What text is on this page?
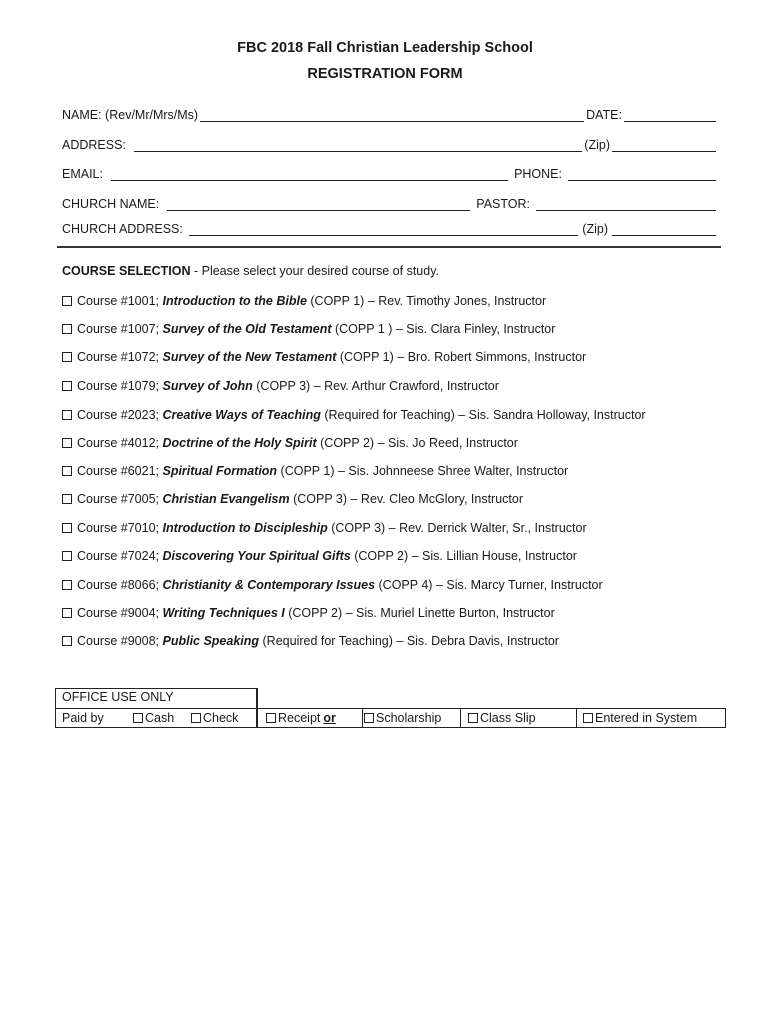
FBC 2018 Fall Christian Leadership School
REGISTRATION FORM
NAME: (Rev/Mr/Mrs/Ms)	DATE:
ADDRESS:	(Zip)
EMAIL:	PHONE:
CHURCH NAME:	PASTOR:
CHURCH ADDRESS:	(Zip)
COURSE SELECTION - Please select your desired course of study.
Course #1001; Introduction to the Bible (COPP 1) – Rev. Timothy Jones, Instructor
Course #1007; Survey of the Old Testament (COPP 1 ) – Sis. Clara Finley, Instructor
Course #1072; Survey of the New Testament (COPP 1) – Bro. Robert Simmons, Instructor
Course #1079; Survey of John (COPP 3) – Rev. Arthur Crawford, Instructor
Course #2023; Creative Ways of Teaching (Required for Teaching) – Sis. Sandra Holloway, Instructor
Course #4012; Doctrine of the Holy Spirit (COPP 2) – Sis. Jo Reed, Instructor
Course #6021; Spiritual Formation (COPP 1) – Sis. Johnneese Shree Walter, Instructor
Course #7005; Christian Evangelism (COPP 3) – Rev. Cleo McGlory, Instructor
Course #7010; Introduction to Discipleship (COPP 3) – Rev. Derrick Walter, Sr., Instructor
Course #7024; Discovering Your Spiritual Gifts (COPP 2) – Sis. Lillian House, Instructor
Course #8066; Christianity & Contemporary Issues (COPP 4) – Sis. Marcy Turner, Instructor
Course #9004; Writing Techniques I (COPP 2) – Sis. Muriel Linette Burton, Instructor
Course #9008; Public Speaking (Required for Teaching) – Sis. Debra Davis, Instructor
OFFICE USE ONLY
Paid by	Cash Check	Receipt or	Scholarship	Class Slip	Entered in System
